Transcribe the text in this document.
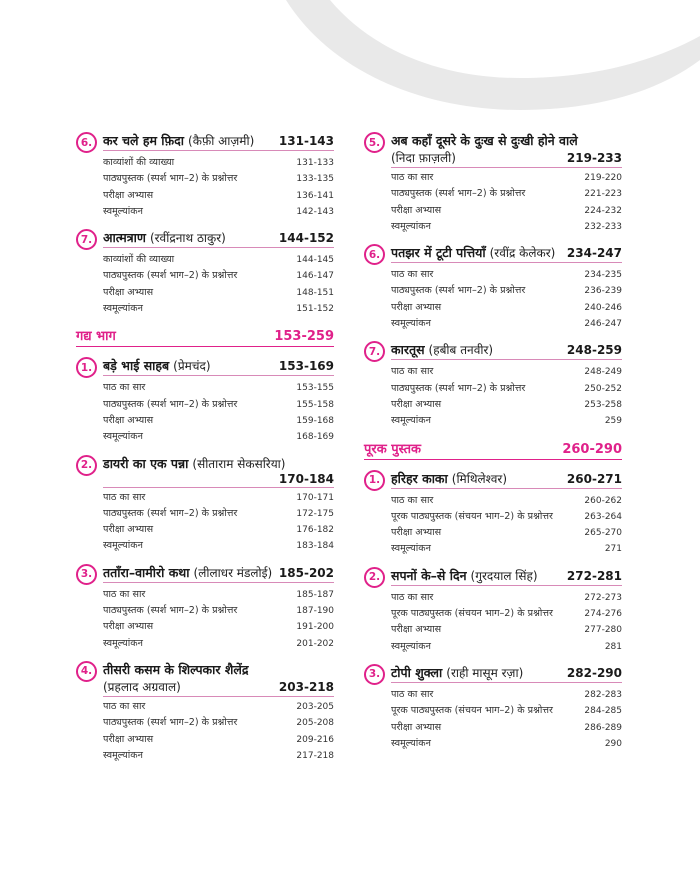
6. कर चले हम फ़िदा (कैफ़ी आज़मी) 131-143
काव्यांशों की व्याख्या	131-133
पाठ्यपुस्तक (स्पर्श भाग–2) के प्रश्नोत्तर	133-135
परीक्षा अभ्यास	136-141
स्वमूल्यांकन	142-143
7. आत्मत्राण (रवींद्रनाथ ठाकुर)	144-152
काव्यांशों की व्याख्या	144-145
पाठ्यपुस्तक (स्पर्श भाग–2) के प्रश्नोत्तर	146-147
परीक्षा अभ्यास	148-151
स्वमूल्यांकन	151-152
गद्य भाग	153-259
1. बड़े भाई साहब (प्रेमचंद)	153-169
पाठ का सार	153-155
पाठ्यपुस्तक (स्पर्श भाग–2) के प्रश्नोत्तर	155-158
परीक्षा अभ्यास	159-168
स्वमूल्यांकन	168-169
2. डायरी का एक पन्ना (सीताराम सेकसरिया)
170-184
पाठ का सार	170-171
पाठ्यपुस्तक (स्पर्श भाग–2) के प्रश्नोत्तर	172-175
परीक्षा अभ्यास	176-182
स्वमूल्यांकन	183-184
3. तताँरा–वामीरो कथा (लीलाधर मंडलोई) 185-202
पाठ का सार	185-187
पाठ्यपुस्तक (स्पर्श भाग–2) के प्रश्नोत्तर	187-190
परीक्षा अभ्यास	191-200
स्वमूल्यांकन	201-202
4. तीसरी कसम के शिल्पकार शैलेंद्र
(प्रहलाद अग्रवाल)	203-218
पाठ का सार	203-205
पाठ्यपुस्तक (स्पर्श भाग–2) के प्रश्नोत्तर	205-208
परीक्षा अभ्यास	209-216
स्वमूल्यांकन	217-218
5. अब कहाँ दूसरे के दुःख से दुःखी होने वाले
(निदा फ़ाज़ली)	219-233
पाठ का सार	219-220
पाठ्यपुस्तक (स्पर्श भाग–2) के प्रश्नोत्तर	221-223
परीक्षा अभ्यास	224-232
स्वमूल्यांकन	232-233
6. पतझर में टूटी पत्तियाँ (रवींद्र केलेकर) 234-247
पाठ का सार	234-235
पाठ्यपुस्तक (स्पर्श भाग–2) के प्रश्नोत्तर	236-239
परीक्षा अभ्यास	240-246
स्वमूल्यांकन	246-247
7. कारतूस (हबीब तनवीर)	248-259
पाठ का सार	248-249
पाठ्यपुस्तक (स्पर्श भाग–2) के प्रश्नोत्तर	250-252
परीक्षा अभ्यास	253-258
स्वमूल्यांकन	259
पूरक पुस्तक	260-290
1. हरिहर काका (मिथिलेश्वर)	260-271
पाठ का सार	260-262
पूरक पाठ्यपुस्तक (संचयन भाग–2) के प्रश्नोत्तर	263-264
परीक्षा अभ्यास	265-270
स्वमूल्यांकन	271
2. सपनों के–से दिन (गुरदयाल सिंह) 272-281
पाठ का सार	272-273
पूरक पाठ्यपुस्तक (संचयन भाग–2) के प्रश्नोत्तर	274-276
परीक्षा अभ्यास	277-280
स्वमूल्यांकन	281
3. टोपी शुक्ला (राही मासूम रज़ा)	282-290
पाठ का सार	282-283
पूरक पाठ्यपुस्तक (संचयन भाग–2) के प्रश्नोत्तर	284-285
परीक्षा अभ्यास	286-289
स्वमूल्यांकन	290
